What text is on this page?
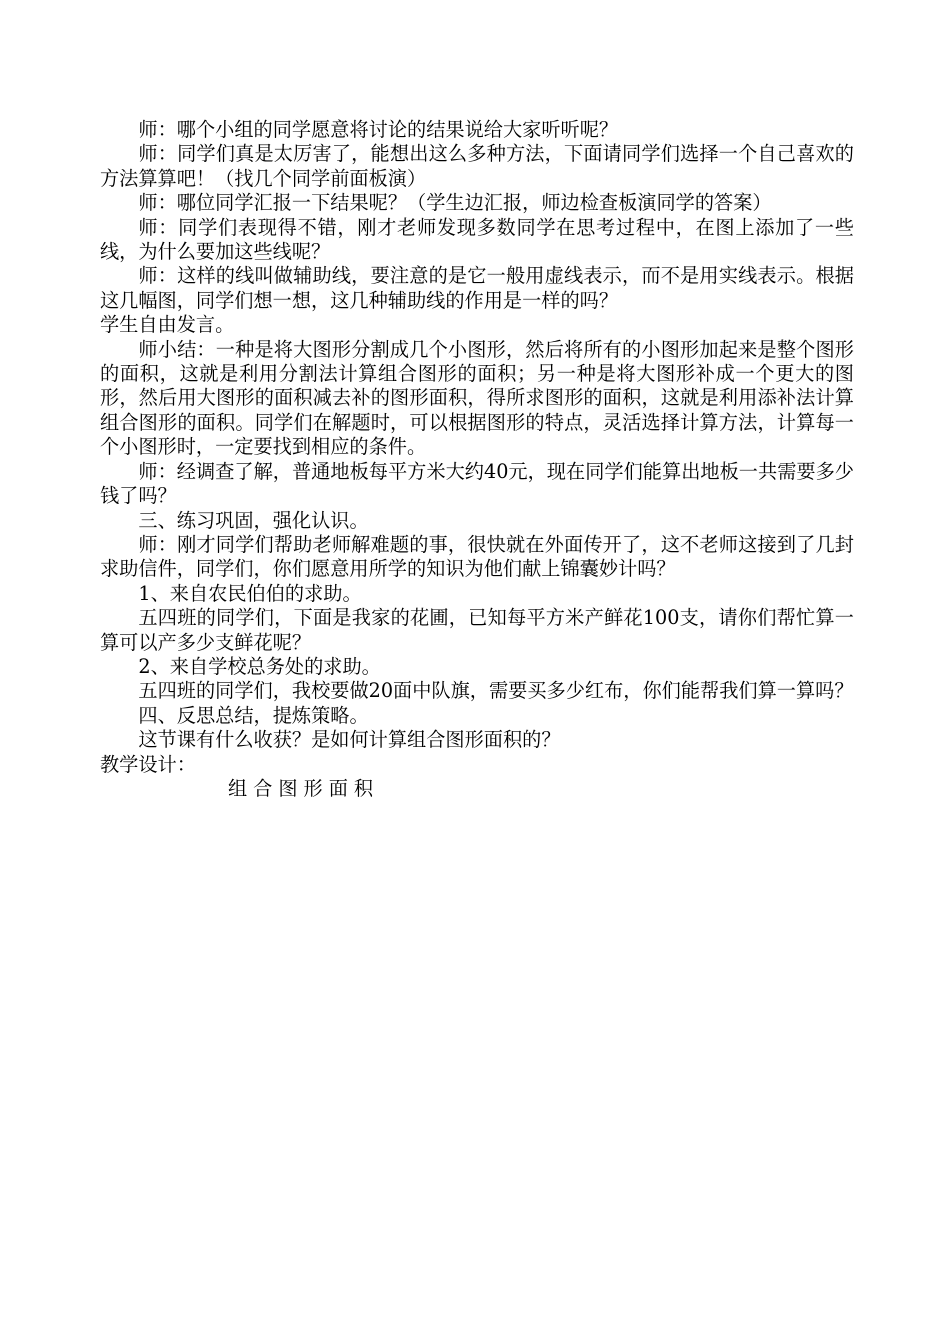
师：哪个小组的同学愿意将讨论的结果说给大家听听呢？

师：同学们真是太厉害了，能想出这么多种方法，下面请同学们选择一个自己喜欢的方法算算吧！（找几个同学前面板演）

师：哪位同学汇报一下结果呢？（学生边汇报，师边检查板演同学的答案）

师：同学们表现得不错，刚才老师发现多数同学在思考过程中，在图上添加了一些线，为什么要加这些线呢？

师：这样的线叫做辅助线，要注意的是它一般用虚线表示，而不是用实线表示。根据这几幅图，同学们想一想，这几种辅助线的作用是一样的吗？

学生自由发言。

师小结：一种是将大图形分割成几个小图形，然后将所有的小图形加起来是整个图形的面积，这就是利用分割法计算组合图形的面积；另一种是将大图形补成一个更大的图形，然后用大图形的面积减去补的图形面积，得所求图形的面积，这就是利用添补法计算组合图形的面积。同学们在解题时，可以根据图形的特点，灵活选择计算方法，计算每一个小图形时，一定要找到相应的条件。

师：经调查了解，普通地板每平方米大约40元，现在同学们能算出地板一共需要多少钱了吗？

三、练习巩固，强化认识。

师：刚才同学们帮助老师解难题的事，很快就在外面传开了，这不老师这接到了几封求助信件，同学们，你们愿意用所学的知识为他们献上锦囊妙计吗？

1、来自农民伯伯的求助。

五四班的同学们，下面是我家的花圃，已知每平方米产鲜花100支，请你们帮忙算一算可以产多少支鲜花呢？

2、来自学校总务处的求助。

五四班的同学们，我校要做20面中队旗，需要买多少红布，你们能帮我们算一算吗？

四、反思总结，提炼策略。

这节课有什么收获？是如何计算组合图形面积的？

教学设计：

组合图形面积
